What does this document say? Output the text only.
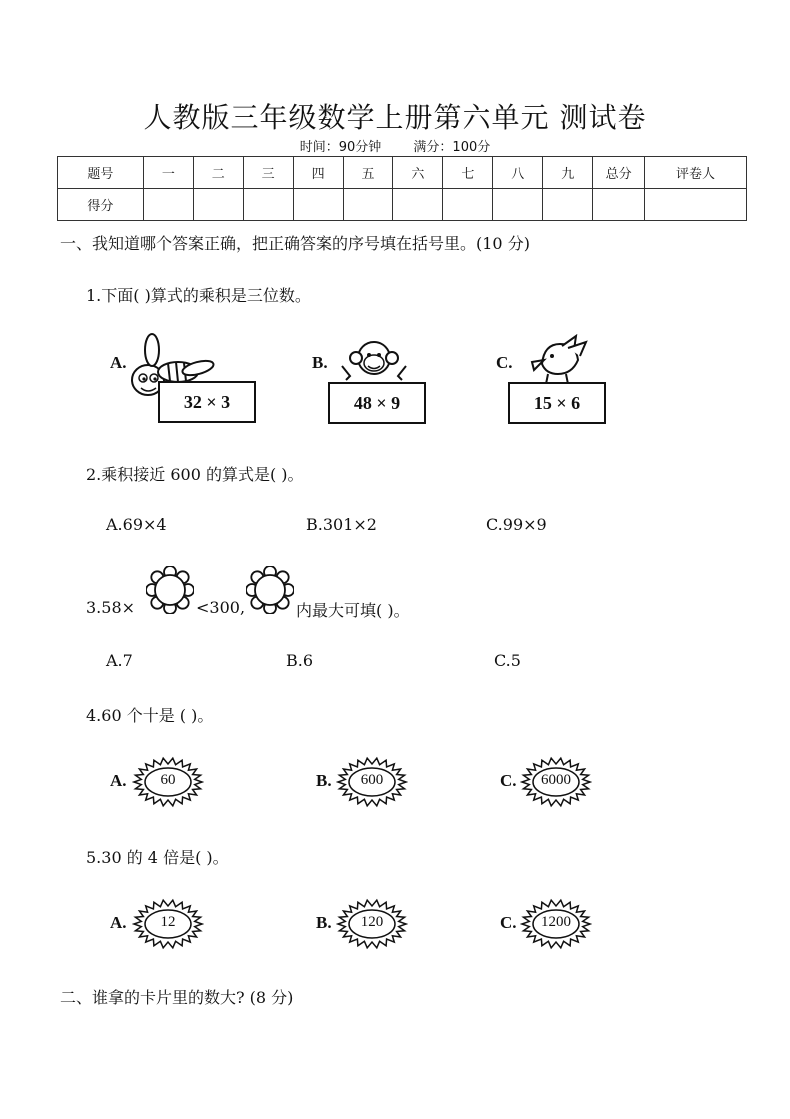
人教版三年级数学上册第六单元 测试卷
时间：90分钟 满分：100分
题号	一	二	三	四	五	六	七	八	九	总分	评卷人
得分											
一、我知道哪个答案正确，把正确答案的序号填在括号里。(10 分)
1.下面( )算式的乘积是三位数。
A.
32 × 3
B.
48 × 9
C.
15 × 6
2.乘积接近 600 的算式是( )。
A.69×4	B.301×2	C.99×9
3.58×	<300,	内最大可填( )。
A.7	B.6	C.5
4.60 个十是 ( )。
A.	60	B.	600	C.	6000
5.30 的 4 倍是( )。
A.	12	B.	120	C.	1200
二、谁拿的卡片里的数大? (8 分)
